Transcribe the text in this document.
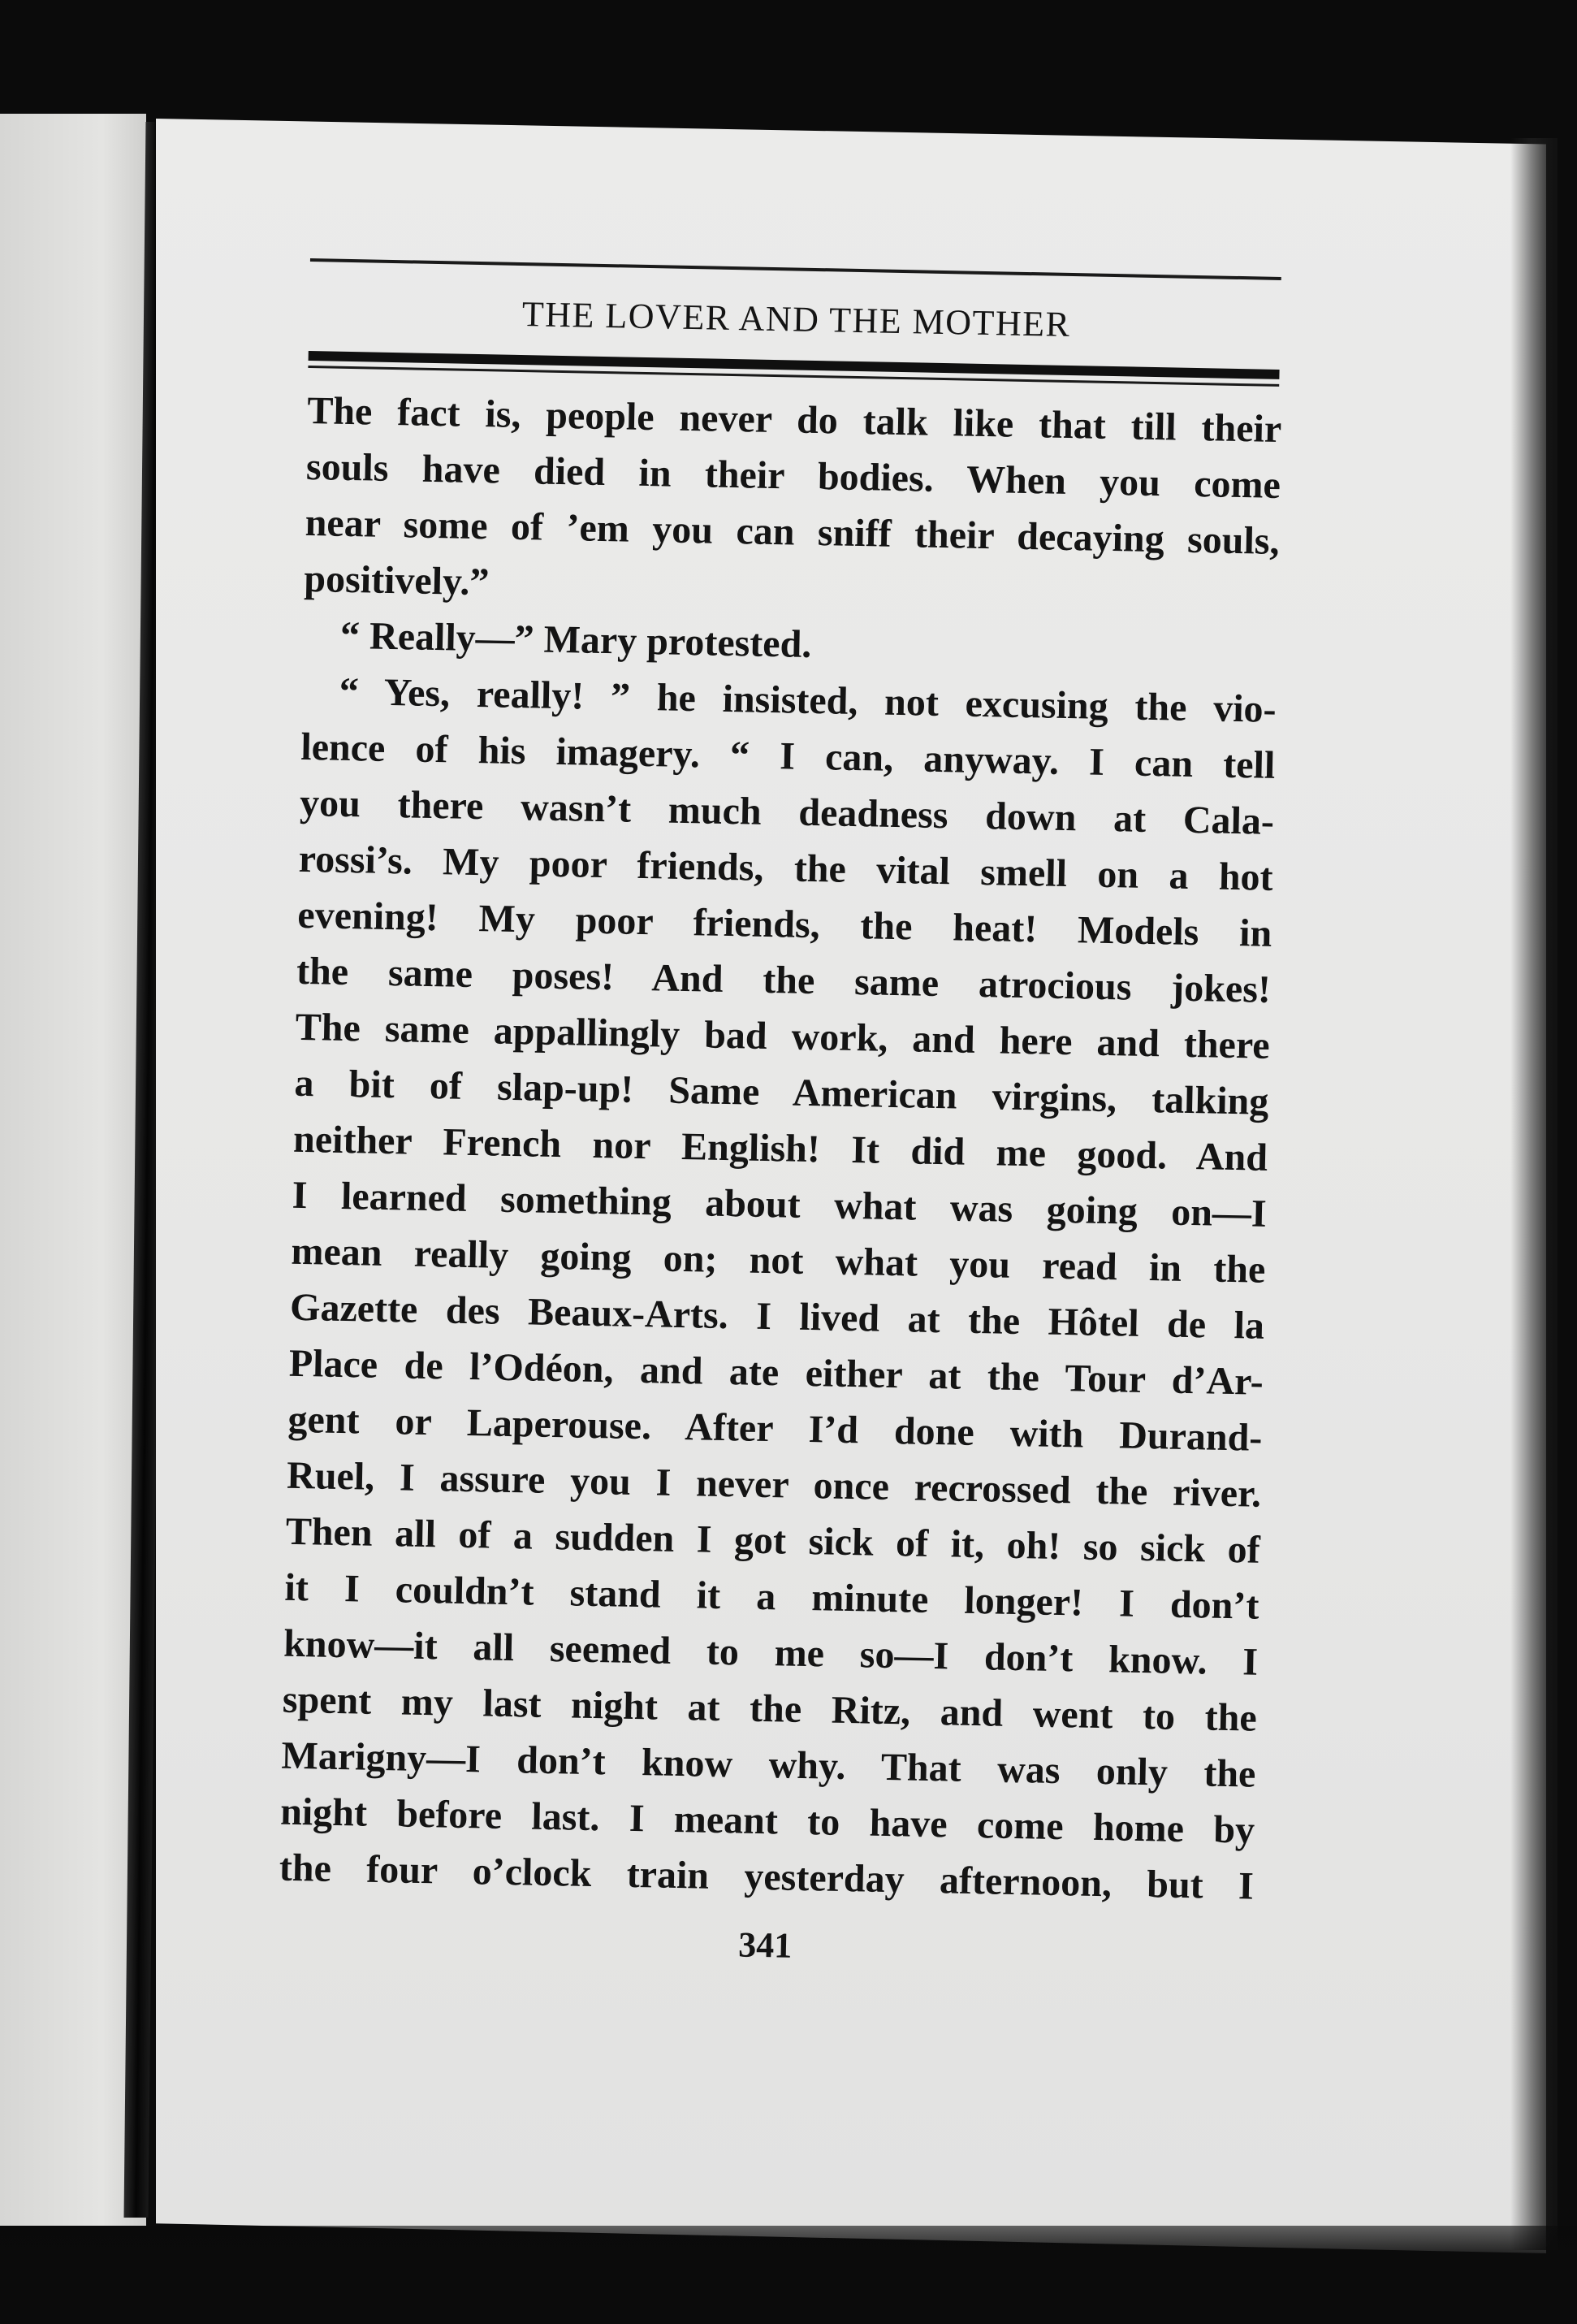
THE LOVER AND THE MOTHER
The fact is, people never do talk like that till their
souls have died in their bodies. When you come
near some of ’em you can sniff their decaying souls,
positively.”
“ Really—” Mary protested.
“ Yes, really! ” he insisted, not excusing the vio-
lence of his imagery. “ I can, anyway. I can tell
you there wasn’t much deadness down at Cala-
rossi’s. My poor friends, the vital smell on a hot
evening! My poor friends, the heat! Models in
the same poses! And the same atrocious jokes!
The same appallingly bad work, and here and there
a bit of slap-up! Same American virgins, talking
neither French nor English! It did me good. And
I learned something about what was going on—I
mean really going on; not what you read in the
Gazette des Beaux-Arts. I lived at the Hôtel de la
Place de l’Odéon, and ate either at the Tour d’Ar-
gent or Laperouse. After I’d done with Durand-
Ruel, I assure you I never once recrossed the river.
Then all of a sudden I got sick of it, oh! so sick of
it I couldn’t stand it a minute longer! I don’t
know—it all seemed to me so—I don’t know. I
spent my last night at the Ritz, and went to the
Marigny—I don’t know why. That was only the
night before last. I meant to have come home by
the four o’clock train yesterday afternoon, but I
341
